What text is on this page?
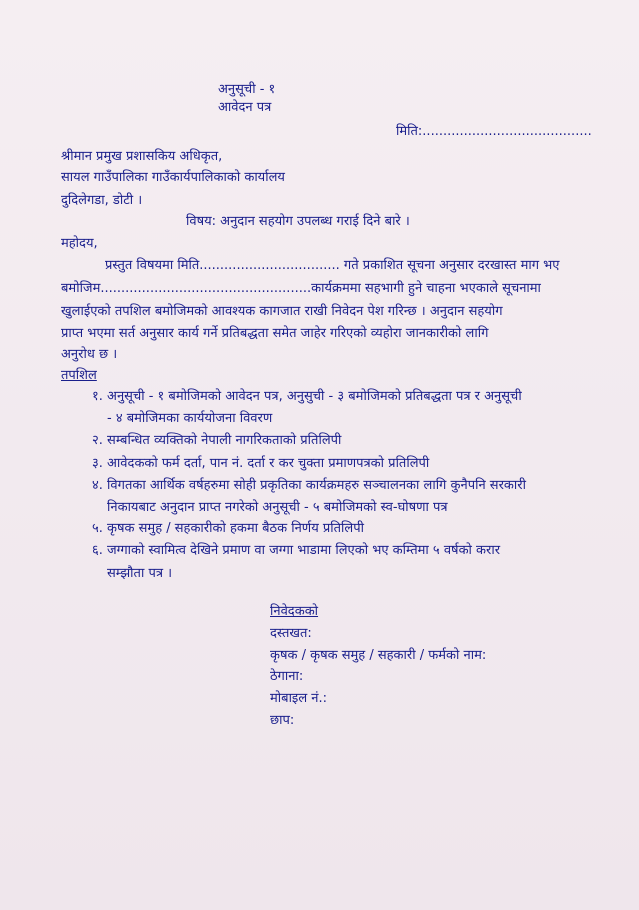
अनुसूची - १
आवेदन पत्र
मिति:.........................................
श्रीमान प्रमुख प्रशासकिय अधिकृत,
सायल गाउँपालिका गाउँकार्यपालिकाको कार्यालय
दुदिलेगडा, डोटी ।
विषय: अनुदान सहयोग उपलब्ध गराई दिने बारे ।
महोदय,
प्रस्तुत विषयमा मिति.................................. गते प्रकाशित सूचना अनुसार दरखास्त माग भए
बमोजिम...................................................कार्यक्रममा सहभागी हुने चाहना भएकाले सूचनामा
खुलाईएको तपशिल बमोजिमको आवश्यक कागजात राखी निवेदन पेश गरिन्छ । अनुदान सहयोग
प्राप्त भएमा सर्त अनुसार कार्य गर्ने प्रतिबद्धता समेत जाहेर गरिएको व्यहोरा जानकारीको लागि
अनुरोध छ ।
तपशिल
१. अनुसूची - १ बमोजिमको आवेदन पत्र, अनुसुची - ३ बमोजिमको प्रतिबद्धता पत्र र अनुसूची
- ४ बमोजिमका कार्ययोजना विवरण
२. सम्बन्धित व्यक्तिको नेपाली नागरिकताको प्रतिलिपी
३. आवेदकको फर्म दर्ता, पान नं. दर्ता र कर चुक्ता प्रमाणपत्रको प्रतिलिपी
४. विगतका आर्थिक वर्षहरुमा सोही प्रकृतिका कार्यक्रमहरु सञ्चालनका लागि कुनैपनि सरकारी
निकायबाट अनुदान प्राप्त नगरेको अनुसूची - ५ बमोजिमको स्व-घोषणा पत्र
५. कृषक समुह / सहकारीको हकमा बैठक निर्णय प्रतिलिपी
६. जग्गाको स्वामित्व देखिने प्रमाण वा जग्गा भाडामा लिएको भए कम्तिमा ५ वर्षको करार
सम्झौता पत्र ।
निवेदकको
दस्तखत:
कृषक / कृषक समुह / सहकारी / फर्मको नाम:
ठेगाना:
मोबाइल नं.:
छाप:
